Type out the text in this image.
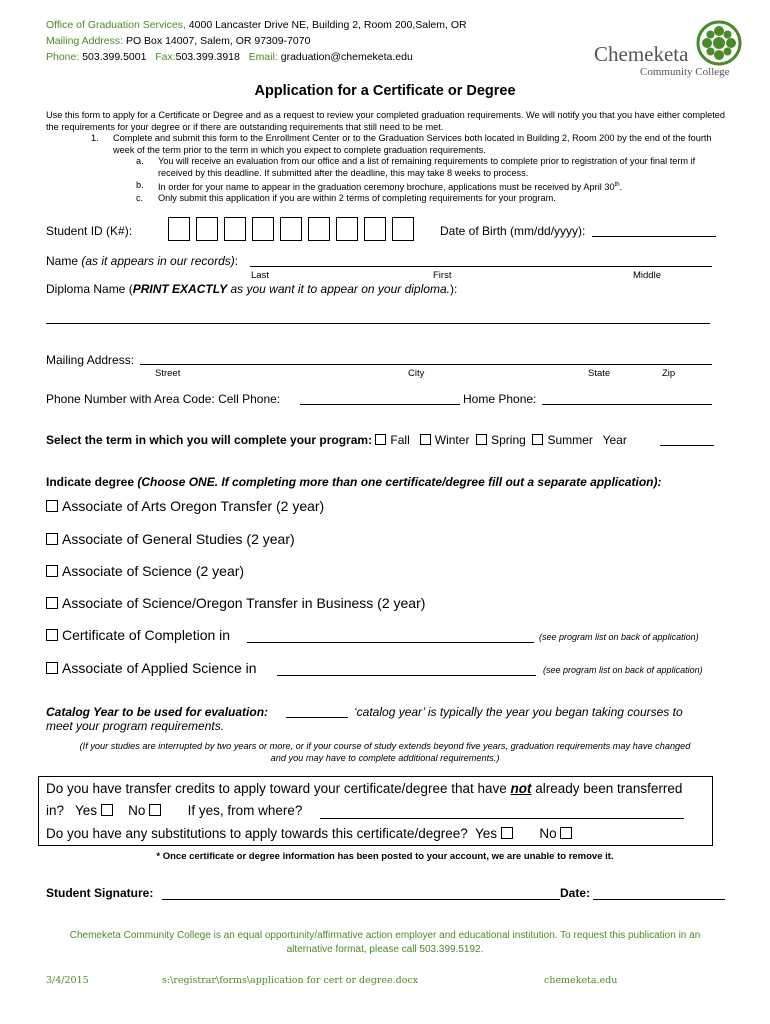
Office of Graduation Services, 4000 Lancaster Drive NE, Building 2, Room 200,Salem, OR
Mailing Address: PO Box 14007, Salem, OR 97309-7070
Phone: 503.399.5001 Fax:503.399.3918 Email: graduation@chemeketa.edu	Chemeketa
Community College
Application for a Certificate or Degree
Use this form to apply for a Certificate or Degree and as a request to review your completed graduation requirements. We will notify you that you have either completed the requirements for your degree or if there are outstanding requirements that still need to be met.
1. Complete and submit this form to the Enrollment Center or to the Graduation Services both located in Building 2, Room 200 by the end of the fourth week of the term prior to the term in which you expect to complete graduation requirements.
a. You will receive an evaluation from our office and a list of remaining requirements to complete prior to registration of your final term if received by this deadline. If submitted after the deadline, this may take 8 weeks to process.
b. In order for your name to appear in the graduation ceremony brochure, applications must be received by April 30th.
c. Only submit this application if you are within 2 terms of completing requirements for your program.
Student ID (K#):	Date of Birth (mm/dd/yyyy):
Name (as it appears in our records):
Last	First	Middle
Diploma Name (PRINT EXACTLY as you want it to appear on your diploma.):
Mailing Address:
Street	City	State	Zip
Phone Number with Area Code: Cell Phone:	Home Phone:
Select the term in which you will complete your program: Fall Winter Spring Summer Year
Indicate degree (Choose ONE. If completing more than one certificate/degree fill out a separate application):
Associate of Arts Oregon Transfer (2 year)
Associate of General Studies (2 year)
Associate of Science (2 year)
Associate of Science/Oregon Transfer in Business (2 year)
Certificate of Completion in	(see program list on back of application)
Associate of Applied Science in	(see program list on back of application)
Catalog Year to be used for evaluation:	‘catalog year’ is typically the year you began taking courses to
meet your program requirements.
(If your studies are interrupted by two years or more, or if your course of study extends beyond five years, graduation requirements may have changed
and you may have to complete additional requirements.)
Do you have transfer credits to apply toward your certificate/degree that have not already been transferred
in? Yes No	If yes, from where?
Do you have any substitutions to apply towards this certificate/degree? Yes	No
* Once certificate or degree information has been posted to your account, we are unable to remove it.
Student Signature:	Date:
Chemeketa Community College is an equal opportunity/affirmative action employer and educational institution. To request this publication in an
alternative format, please call 503.399.5192.
3/4/2015	s:\registrar\forms\application for cert or degree.docx	chemeketa.edu
